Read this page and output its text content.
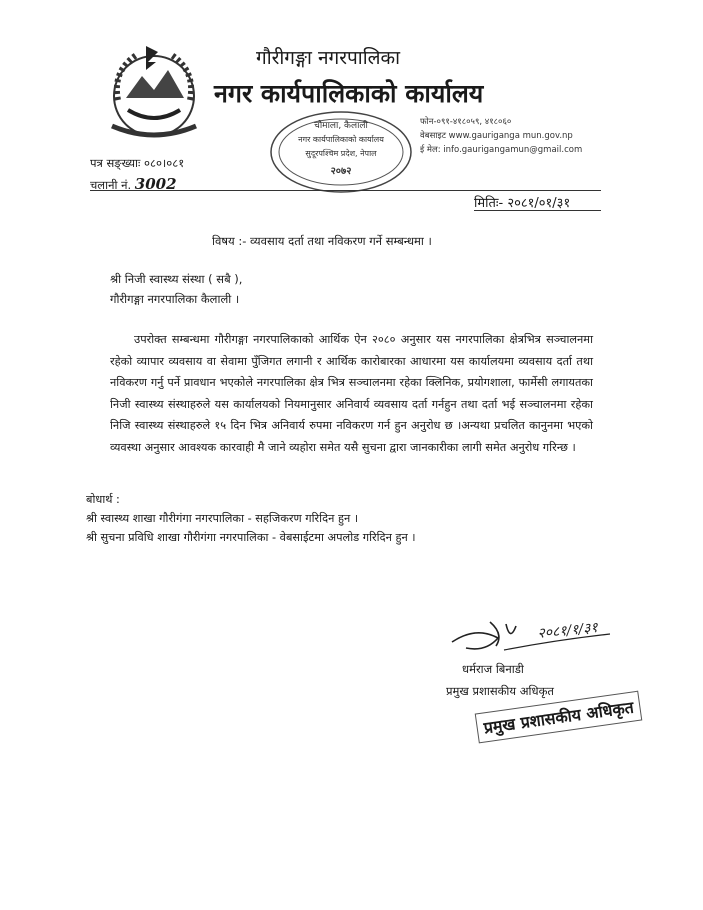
गौरीगङ्गा नगरपालिका
नगर कार्यपालिकाको कार्यालय
फोन-०९१-४१८०५९, ४१८०६०
वेबसाइट www.gauriganga mun.gov.np
ई मेल: info.gaurigangamun@gmail.com
चौमाला, कैलाली
नगर कार्यपालिकाको कार्यालय
सुदूरपश्चिम प्रदेश, नेपाल
२०७२
पत्र सङ्ख्याः ०८०।०८१
चलानी नं. 3002
मितिः- २०८१/०१/३१
विषय :- व्यवसाय दर्ता तथा नविकरण गर्ने सम्बन्धमा ।
श्री निजी स्वास्थ्य संस्था ( सबै ),
गौरीगङ्गा नगरपालिका कैलाली ।
उपरोक्त सम्बन्धमा गौरीगङ्गा नगरपालिकाको आर्थिक ऐन २०८० अनुसार यस नगरपालिका क्षेत्रभित्र सञ्चालनमा रहेको व्यापार व्यवसाय वा सेवामा पुँजिगत लगानी र आर्थिक कारोबारका आधारमा यस कार्यालयमा व्यवसाय दर्ता तथा नविकरण गर्नु पर्ने प्रावधान भएकोले नगरपालिका क्षेत्र भित्र सञ्चालनमा रहेका क्लिनिक, प्रयोगशाला, फार्मेसी लगायतका निजी स्वास्थ्य संस्थाहरुले यस कार्यालयको नियमानुसार अनिवार्य व्यवसाय दर्ता गर्नहुन तथा दर्ता भई सञ्चालनमा रहेका निजि स्वास्थ्य संस्थाहरुले १५ दिन भित्र अनिवार्य रुपमा नविकरण गर्न हुन अनुरोध छ ।अन्यथा प्रचलित कानुनमा भएको व्यवस्था अनुसार आवश्यक कारवाही मै जाने व्यहोरा समेत यसै सुचना द्वारा जानकारीका लागी समेत अनुरोध गरिन्छ ।
बोधार्थ :
श्री स्वास्थ्य शाखा गौरीगंगा नगरपालिका - सहजिकरण गरिदिन हुन ।
श्री सुचना प्रविधि शाखा गौरीगंगा नगरपालिका - वेबसाईटमा अपलोड गरिदिन हुन ।
२०८१/१/३१
धर्मराज बिनाडी
प्रमुख प्रशासकीय अधिकृत
प्रमुख प्रशासकीय अधिकृत
